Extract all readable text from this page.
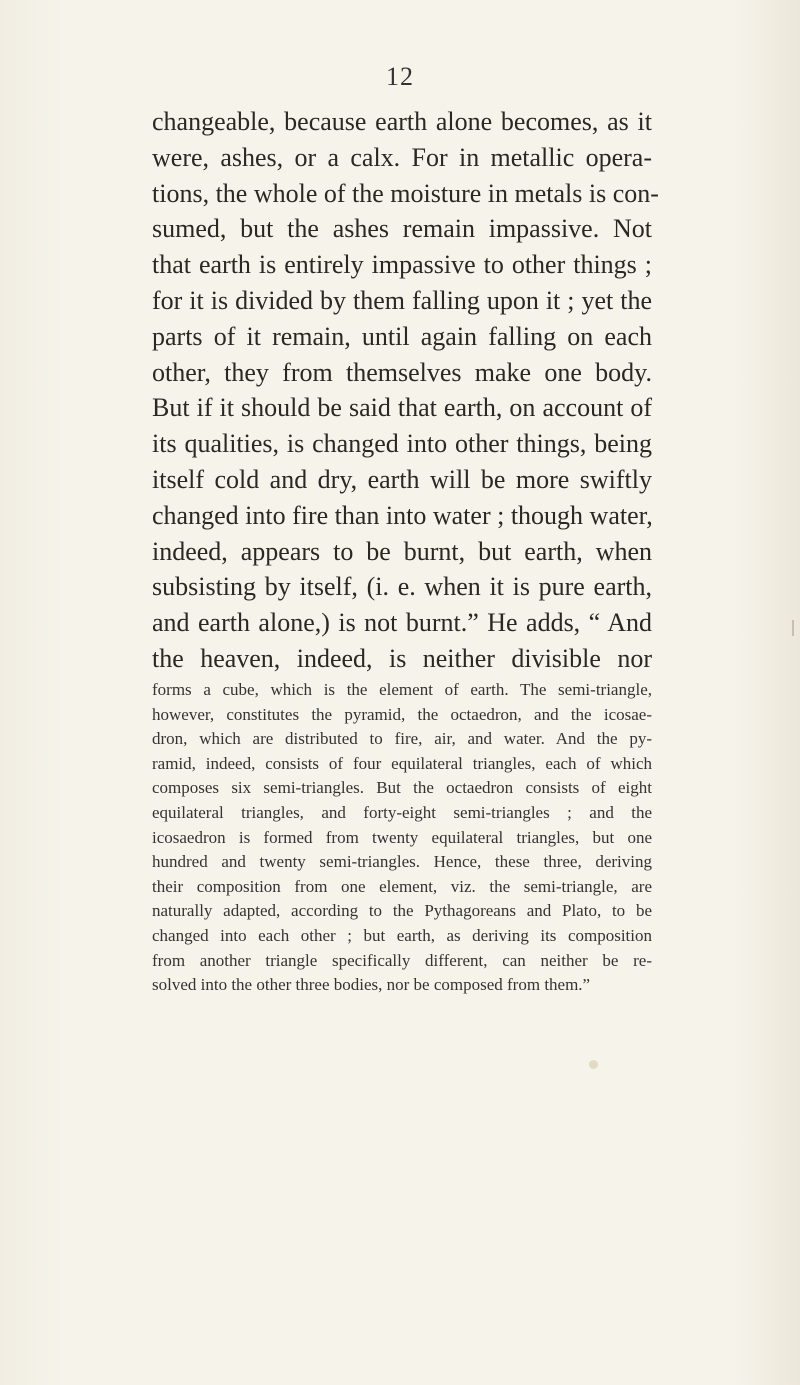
12
changeable, because earth alone becomes, as it
were, ashes, or a calx. For in metallic opera-
tions, the whole of the moisture in metals is con-
sumed, but the ashes remain impassive. Not
that earth is entirely impassive to other things ;
for it is divided by them falling upon it ; yet the
parts of it remain, until again falling on each
other, they from themselves make one body.
But if it should be said that earth, on account of
its qualities, is changed into other things, being
itself cold and dry, earth will be more swiftly
changed into fire than into water ; though water,
indeed, appears to be burnt, but earth, when
subsisting by itself, (i. e. when it is pure earth,
and earth alone,) is not burnt.” He adds, “ And
the heaven, indeed, is neither divisible nor
forms a cube, which is the element of earth. The semi-triangle,
however, constitutes the pyramid, the octaedron, and the icosae-
dron, which are distributed to fire, air, and water. And the py-
ramid, indeed, consists of four equilateral triangles, each of which
composes six semi-triangles. But the octaedron consists of eight
equilateral triangles, and forty-eight semi-triangles ; and the
icosaedron is formed from twenty equilateral triangles, but one
hundred and twenty semi-triangles. Hence, these three, deriving
their composition from one element, viz. the semi-triangle, are
naturally adapted, according to the Pythagoreans and Plato, to be
changed into each other ; but earth, as deriving its composition
from another triangle specifically different, can neither be re-
solved into the other three bodies, nor be composed from them.”
